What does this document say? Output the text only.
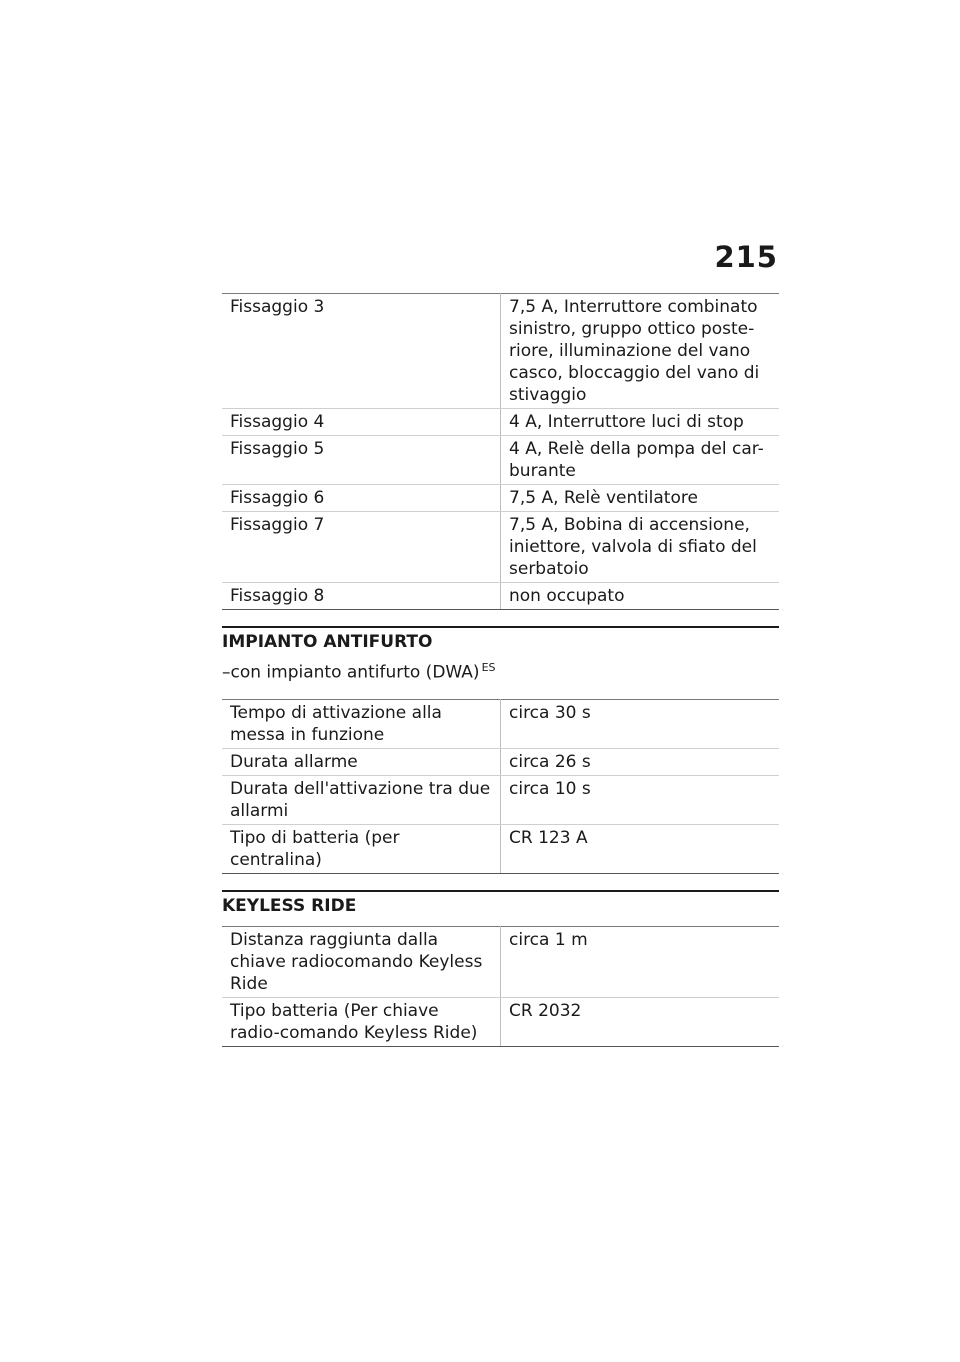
215
Fissaggio 3	7,5 A, Interruttore combinato sinistro, gruppo ottico poste-riore, illuminazione del vano casco, bloccaggio del vano di stivaggio
Fissaggio 4	4 A, Interruttore luci di stop
Fissaggio 5	4 A, Relè della pompa del car-burante
Fissaggio 6	7,5 A, Relè ventilatore
Fissaggio 7	7,5 A, Bobina di accensione, iniettore, valvola di sfiato del serbatoio
Fissaggio 8	non occupato
IMPIANTO ANTIFURTO

–con impianto antifurto (DWA) $^{ES}$

Tempo di attivazione alla messa in funzione	circa 30 s
Durata allarme	circa 26 s
Durata dell'attivazione tra due allarmi	circa 10 s
Tipo di batteria (per centralina)	CR 123 A
KEYLESS RIDE
Distanza raggiunta dalla chiave radiocomando Keyless Ride	circa 1 m
Tipo batteria (Per chiave radio-comando Keyless Ride)	CR 2032
